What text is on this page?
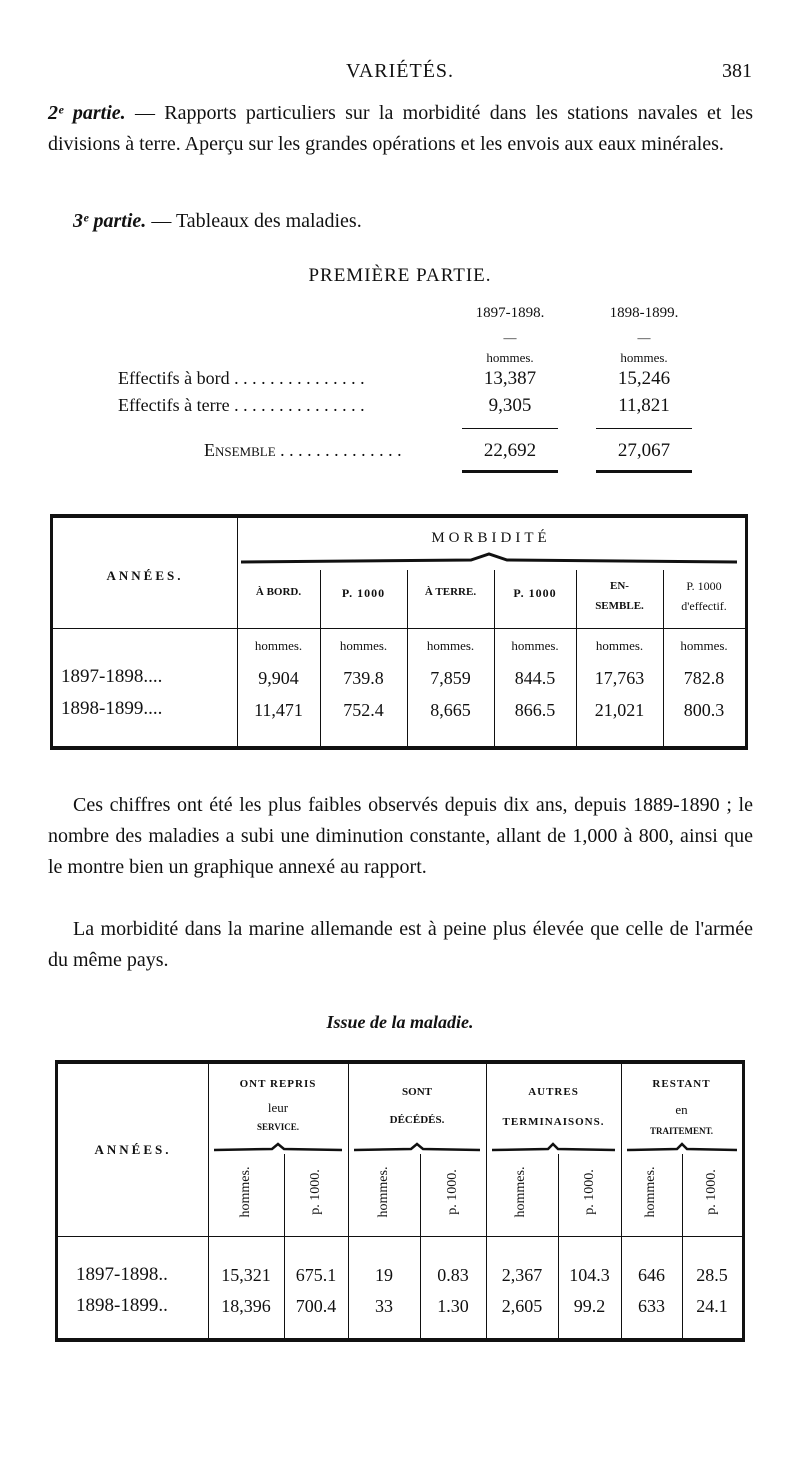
VARIÉTÉS.	381
2ᵉ partie. — Rapports particuliers sur la morbidité dans les stations navales et les divisions à terre. Aperçu sur les grandes opérations et les envois aux eaux minérales.
3ᵉ partie. — Tableaux des maladies.
PREMIÈRE PARTIE.
1897-1898.	1898-1899.
—	—
hommes.	hommes.
Effectifs à bord . . . . . . . . . . . . . . .	13,387	15,246
Effectifs à terre . . . . . . . . . . . . . . .	9,305	11,821
Ensemble . . . . . . . . . . . . . .	22,692	27,067
ANNÉES.
MORBIDITÉ
À BORD.	P. 1000	À TERRE.	P. 1000	EN-
SEMBLE.
P. 1000
d'effectif.
hommes.	hommes.	hommes.	hommes.	hommes.	hommes.
1897-1898....	9,904	739.8	7,859	844.5	17,763	782.8
1898-1899....	11,471	752.4	8,665	866.5	21,021	800.3
Ces chiffres ont été les plus faibles observés depuis dix ans, depuis 1889-1890 ; le nombre des maladies a subi une diminution constante, allant de 1,000 à 800, ainsi que le montre bien un graphique annexé au rapport.
La morbidité dans la marine allemande est à peine plus élevée que celle de l'armée du même pays.
Issue de la maladie.
ANNÉES.
ONT REPRIS
leur
SERVICE.
SONT
DÉCÉDÉS.
AUTRES
TERMINAISONS.
RESTANT
en
TRAITEMENT.
hommes.	p. 1000.	hommes.	p. 1000.	hommes.	p. 1000.	hommes.	p. 1000.
1897-1898..	15,321	675.1	19	0.83	2,367	104.3	646	28.5
1898-1899..	18,396	700.4	33	1.30	2,605	99.2	633	24.1
